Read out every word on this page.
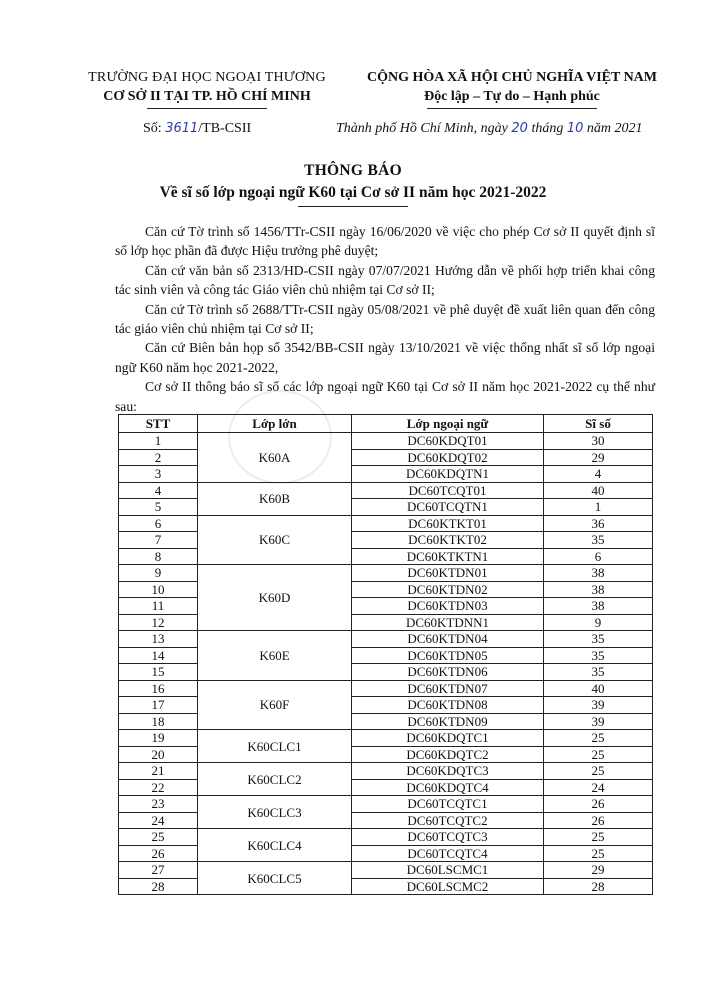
TRƯỜNG ĐẠI HỌC NGOẠI THƯƠNG
CƠ SỞ II TẠI TP. HỒ CHÍ MINH
CỘNG HÒA XÃ HỘI CHỦ NGHĨA VIỆT NAM
Độc lập – Tự do – Hạnh phúc
Số: 3611/TB-CSII	Thành phố Hồ Chí Minh, ngày 20 tháng 10 năm 2021
THÔNG BÁO
Về sĩ số lớp ngoại ngữ K60 tại Cơ sở II năm học 2021-2022

Căn cứ Tờ trình số 1456/TTr-CSII ngày 16/06/2020 về việc cho phép Cơ sở II quyết định sĩ số lớp học phần đã được Hiệu trưởng phê duyệt;

Căn cứ văn bản số 2313/HD-CSII ngày 07/07/2021 Hướng dẫn về phối hợp triển khai công tác sinh viên và công tác Giáo viên chủ nhiệm tại Cơ sở II;

Căn cứ Tờ trình số 2688/TTr-CSII ngày 05/08/2021 về phê duyệt đề xuất liên quan đến công tác giáo viên chủ nhiệm tại Cơ sở II;

Căn cứ Biên bản họp số 3542/BB-CSII ngày 13/10/2021 về việc thống nhất sĩ số lớp ngoại ngữ K60 năm học 2021-2022,

Cơ sở II thông báo sĩ số các lớp ngoại ngữ K60 tại Cơ sở II năm học 2021-2022 cụ thể như sau:

STT	Lớp lớn	Lớp ngoại ngữ	Sĩ số
1	K60A	DC60KDQT01	30
2		DC60KDQT02	29
3		DC60KDQTN1	4
4	K60B	DC60TCQT01	40
5		DC60TCQTN1	1
6	K60C	DC60KTKT01	36
7		DC60KTKT02	35
8		DC60KTKTN1	6
9	K60D	DC60KTDN01	38
10		DC60KTDN02	38
11		DC60KTDN03	38
12		DC60KTDNN1	9
13	K60E	DC60KTDN04	35
14		DC60KTDN05	35
15		DC60KTDN06	35
16	K60F	DC60KTDN07	40
17		DC60KTDN08	39
18		DC60KTDN09	39
19	K60CLC1	DC60KDQTC1	25
20		DC60KDQTC2	25
21	K60CLC2	DC60KDQTC3	25
22		DC60KDQTC4	24
23	K60CLC3	DC60TCQTC1	26
24		DC60TCQTC2	26
25	K60CLC4	DC60TCQTC3	25
26		DC60TCQTC4	25
27	K60CLC5	DC60LSCMC1	29
28		DC60LSCMC2	28
